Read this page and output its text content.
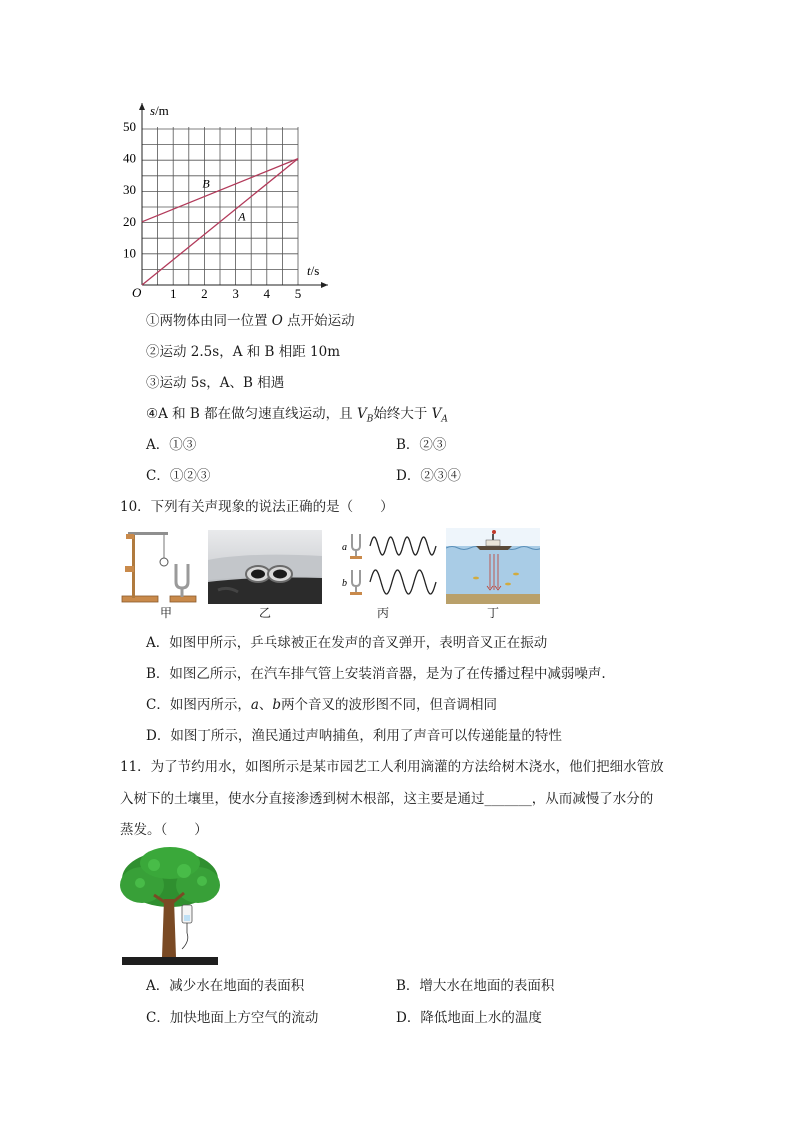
s/m
t/s
O 1 2 3 4 5
10
20
30
40
50
B
A
①两物体由同一位置 O 点开始运动
②运动 2.5s，A 和 B 相距 10m
③运动 5s，A、B 相遇
④A 和 B 都在做匀速直线运动，且 $V_B$始终大于 $V_A$
A．①③	B．②③
C．①②③	D．②③④
10．下列有关声现象的说法正确的是（　　）
甲	乙
a
b
丙	丁
A．如图甲所示，乒乓球被正在发声的音叉弹开，表明音叉正在振动
B．如图乙所示，在汽车排气管上安装消音器，是为了在传播过程中减弱噪声.
C．如图丙所示，a、b两个音叉的波形图不同，但音调相同
D．如图丁所示，渔民通过声呐捕鱼，利用了声音可以传递能量的特性
11．为了节约用水，如图所示是某市园艺工人利用滴灌的方法给树木浇水，他们把细水管放
入树下的土壤里，使水分直接渗透到树木根部，这主要是通过_______，从而减慢了水分的
蒸发。（　　）
A．减少水在地面的表面积	B．增大水在地面的表面积
C．加快地面上方空气的流动	D．降低地面上水的温度
